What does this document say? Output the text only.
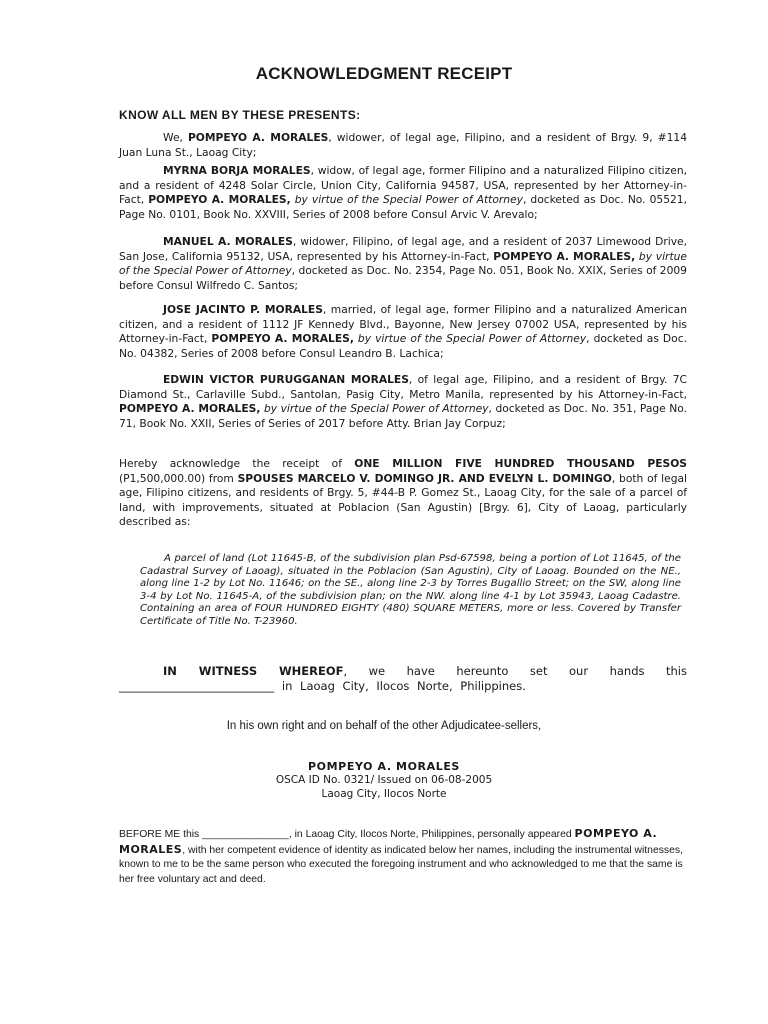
ACKNOWLEDGMENT RECEIPT
KNOW ALL MEN BY THESE PRESENTS:

We, POMPEYO A. MORALES, widower, of legal age, Filipino, and a resident of Brgy. 9, #114 Juan Luna St., Laoag City;

MYRNA BORJA MORALES, widow, of legal age, former Filipino and a naturalized Filipino citizen, and a resident of 4248 Solar Circle, Union City, California 94587, USA, represented by her Attorney-in-Fact, POMPEYO A. MORALES, by virtue of the Special Power of Attorney, docketed as Doc. No. 05521, Page No. 0101, Book No. XXVIII, Series of 2008 before Consul Arvic V. Arevalo;

MANUEL A. MORALES, widower, Filipino, of legal age, and a resident of 2037 Limewood Drive, San Jose, California 95132, USA, represented by his Attorney-in-Fact, POMPEYO A. MORALES, by virtue of the Special Power of Attorney, docketed as Doc. No. 2354, Page No. 051, Book No. XXIX, Series of 2009 before Consul Wilfredo C. Santos;

JOSE JACINTO P. MORALES, married, of legal age, former Filipino and a naturalized American citizen, and a resident of 1112 JF Kennedy Blvd., Bayonne, New Jersey 07002 USA, represented by his Attorney-in-Fact, POMPEYO A. MORALES, by virtue of the Special Power of Attorney, docketed as Doc. No. 04382, Series of 2008 before Consul Leandro B. Lachica;

EDWIN VICTOR PURUGGANAN MORALES, of legal age, Filipino, and a resident of Brgy. 7C Diamond St., Carlaville Subd., Santolan, Pasig City, Metro Manila, represented by his Attorney-in-Fact, POMPEYO A. MORALES, by virtue of the Special Power of Attorney, docketed as Doc. No. 351, Page No. 71, Book No. XXII, Series of Series of 2017 before Atty. Brian Jay Corpuz;

Hereby acknowledge the receipt of ONE MILLION FIVE HUNDRED THOUSAND PESOS (P1,500,000.00) from SPOUSES MARCELO V. DOMINGO JR. AND EVELYN L. DOMINGO, both of legal age, Filipino citizens, and residents of Brgy. 5, #44-B P. Gomez St., Laoag City, for the sale of a parcel of land, with improvements, situated at Poblacion (San Agustin) [Brgy. 6], City of Laoag, particularly described as:

A parcel of land (Lot 11645-B, of the subdivision plan Psd-67598, being a portion of Lot 11645, of the Cadastral Survey of Laoag), situated in the Poblacion (San Agustin), City of Laoag. Bounded on the NE., along line 1-2 by Lot No. 11646; on the SE., along line 2-3 by Torres Bugallio Street; on the SW, along line 3-4 by Lot No. 11645-A, of the subdivision plan; on the NW. along line 4-1 by Lot 35943, Laoag Cadastre. Containing an area of FOUR HUNDRED EIGHTY (480) SQUARE METERS, more or less. Covered by Transfer Certificate of Title No. T-23960.

IN WITNESS WHEREOF, we have hereunto set our hands this ___________________________ in Laoag City, Ilocos Norte, Philippines.

In his own right and on behalf of the other Adjudicatee-sellers,
POMPEYO A. MORALES
OSCA ID No. 0321/ Issued on 06-08-2005
Laoag City, Ilocos Norte

BEFORE ME this _______________, in Laoag City, Ilocos Norte, Philippines, personally appeared POMPEYO A. MORALES, with her competent evidence of identity as indicated below her names, including the instrumental witnesses, known to me to be the same person who executed the foregoing instrument and who acknowledged to me that the same is her free voluntary act and deed.
